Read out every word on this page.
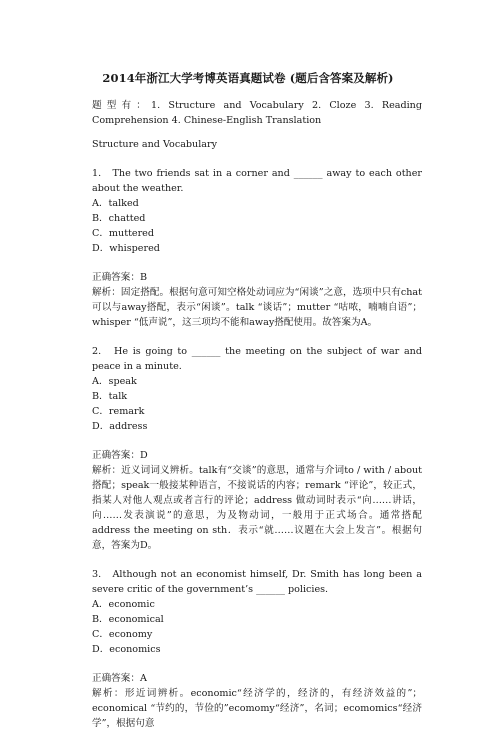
2014年浙江大学考博英语真题试卷 (题后含答案及解析)
题型有：1. Structure and Vocabulary 2. Cloze 3. Reading Comprehension 4. Chinese-English Translation
Structure and Vocabulary
1.　The two friends sat in a corner and ______ away to each other about the weather.
A．talked
B．chatted
C．muttered
D．whispered
正确答案：B
解析：固定搭配。根据句意可知空格处动词应为“闲谈”之意，选项中只有chat可以与away搭配，表示“闲谈”。talk “谈话”；mutter “咕哝，喃喃自语”；whisper “低声说”，这三项均不能和away搭配使用。故答案为A。
2.　He is going to ______ the meeting on the subject of war and peace in a minute.
A．speak
B．talk
C．remark
D．address
正确答案：D
解析：近义词词义辨析。talk有“交谈”的意思，通常与介词to / with / about搭配；speak一般接某种语言，不接说话的内容；remark “评论”，较正式，指某人对他人观点或者言行的评论；address 做动词时表示“向……讲话，向……发表演说”的意思，为及物动词，一般用于正式场合。通常搭配address the meeting on sth．表示“就……议题在大会上发言”。根据句意，答案为D。
3.　Although not an economist himself, Dr. Smith has long been a severe critic of the government’s ______ policies.
A．economic
B．economical
C．economy
D．economics
正确答案：A
解析：形近词辨析。economic“经济学的，经济的，有经济效益的”；economical “节约的，节俭的”ecomomy“经济”，名词；ecomomics“经济学”，根据句意
